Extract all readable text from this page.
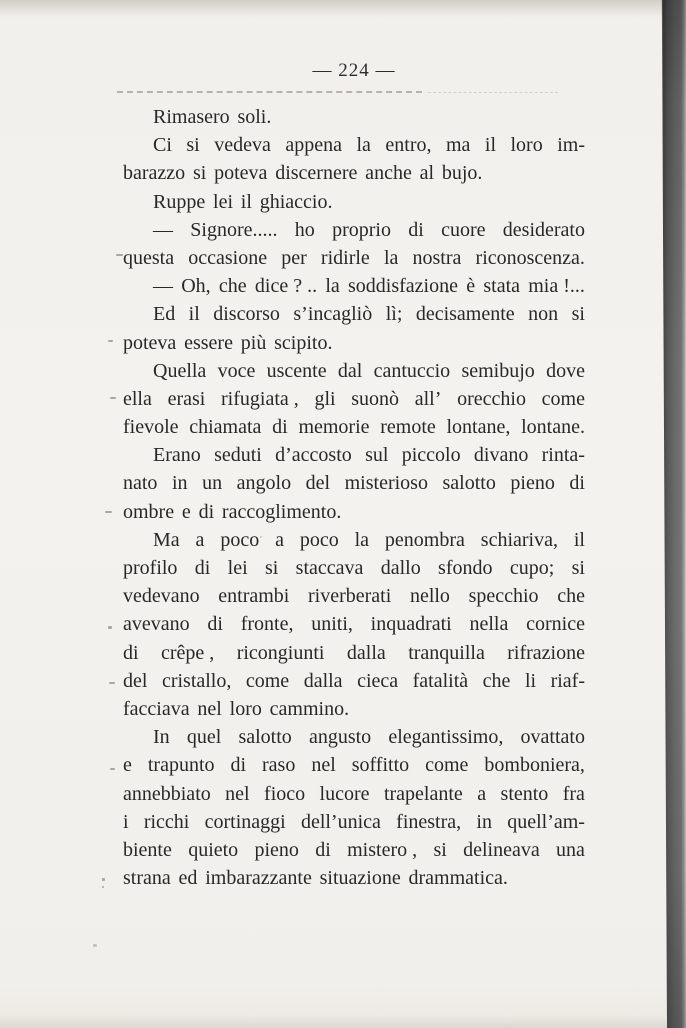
— 224 —
Rimasero soli.
Ci si vedeva appena la entro, ma il loro im-
barazzo si poteva discernere anche al bujo.
Ruppe lei il ghiaccio.
— Signore..... ho proprio di cuore desiderato
questa occasione per ridirle la nostra riconoscenza.
— Oh, che dice ? .. la soddisfazione è stata mia !...
Ed il discorso s’incagliò lì; decisamente non si
poteva essere più scipito.
Quella voce uscente dal cantuccio semibujo dove
ella erasi rifugiata , gli suonò all’ orecchio come
fievole chiamata di memorie remote lontane, lontane.
Erano seduti d’accosto sul piccolo divano rinta-
nato in un angolo del misterioso salotto pieno di
ombre e di raccoglimento.
Ma a poco a poco la penombra schiariva, il
profilo di lei si staccava dallo sfondo cupo; si
vedevano entrambi riverberati nello specchio che
avevano di fronte, uniti, inquadrati nella cornice
di crêpe , ricongiunti dalla tranquilla rifrazione
del cristallo, come dalla cieca fatalità che li riaf-
facciava nel loro cammino.
In quel salotto angusto elegantissimo, ovattato
e trapunto di raso nel soffitto come bomboniera,
annebbiato nel fioco lucore trapelante a stento fra
i ricchi cortinaggi dell’unica finestra, in quell’am-
biente quieto pieno di mistero , si delineava una
strana ed imbarazzante situazione drammatica.
